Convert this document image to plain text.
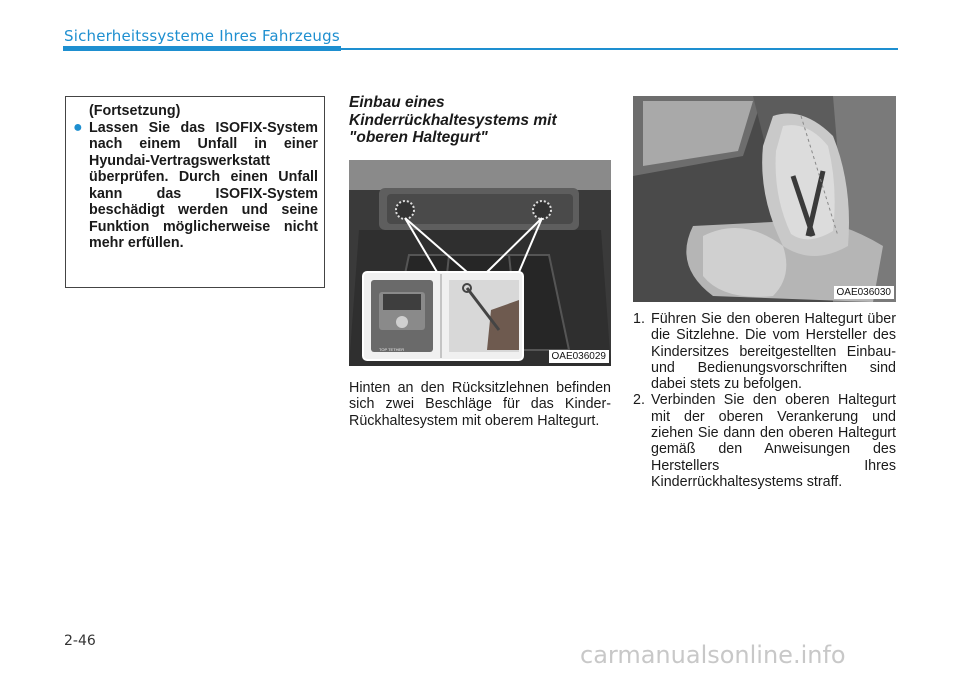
Sicherheitssysteme Ihres Fahrzeugs
(Fortsetzung)
● Lassen Sie das ISOFIX-System nach einem Unfall in einer Hyundai-Vertragswerkstatt überprüfen. Durch einen Unfall kann das ISOFIX-System beschädigt werden und seine Funktion möglicherweise nicht mehr erfüllen.
Einbau eines Kinderrückhaltesystems mit "oberen Haltegurt"
TOP TETHER
OAE036029
Hinten an den Rücksitzlehnen befinden sich zwei Beschläge für das Kinder-Rückhaltesystem mit oberem Haltegurt.
OAE036030
1. Führen Sie den oberen Haltegurt über die Sitzlehne. Die vom Hersteller des Kindersitzes bereitgestellten Einbau- und Bedienungsvorschriften sind dabei stets zu befolgen.
2. Verbinden Sie den oberen Haltegurt mit der oberen Verankerung und ziehen Sie dann den oberen Haltegurt gemäß den Anweisungen des Herstellers Ihres Kinderrückhaltesystems straff.
2-46	carmanualsonline.info
